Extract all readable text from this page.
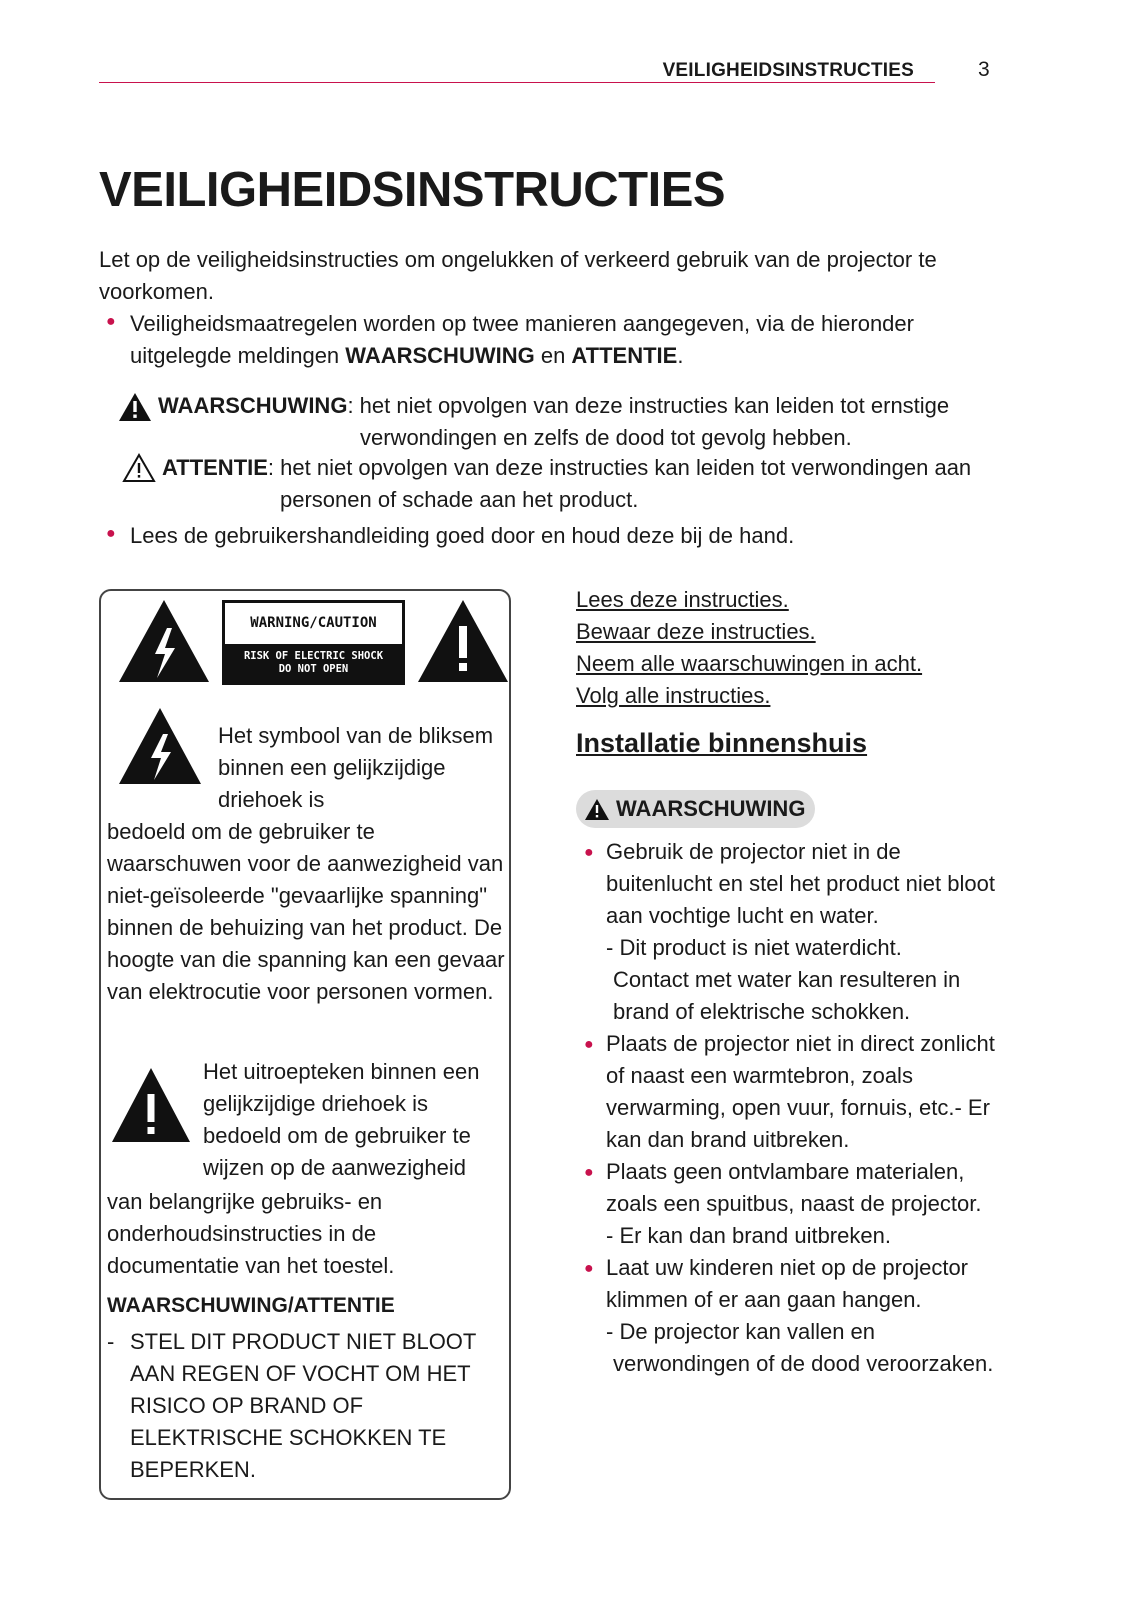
VEILIGHEIDSINSTRUCTIES	3
VEILIGHEIDSINSTRUCTIES
Let op de veiligheidsinstructies om ongelukken of verkeerd gebruik van de projector te voorkomen.
● Veiligheidsmaatregelen worden op twee manieren aangegeven, via de hieronder uitgelegde meldingen WAARSCHUWING en ATTENTIE.
WAARSCHUWING: het niet opvolgen van deze instructies kan leiden tot ernstige
verwondingen en zelfs de dood tot gevolg hebben.
ATTENTIE: het niet opvolgen van deze instructies kan leiden tot verwondingen aan
personen of schade aan het product.
● Lees de gebruikershandleiding goed door en houd deze bij de hand.
WARNING/CAUTION
RISK OF ELECTRIC SHOCK
DO NOT OPEN
Het symbool van de bliksem binnen een gelijkzijdige driehoek is
bedoeld om de gebruiker te waarschuwen voor de aanwezigheid van niet-geïsoleerde "gevaarlijke spanning" binnen de behuizing van het product. De hoogte van die spanning kan een gevaar van elektrocutie voor personen vormen.
Het uitroepteken binnen een gelijkzijdige driehoek is bedoeld om de gebruiker te wijzen op de aanwezigheid
van belangrijke gebruiks- en onderhoudsinstructies in de documentatie van het toestel.
WAARSCHUWING/ATTENTIE
- STEL DIT PRODUCT NIET BLOOT AAN REGEN OF VOCHT OM HET RISICO OP BRAND OF ELEKTRISCHE SCHOKKEN TE BEPERKEN.
Lees deze instructies.
Bewaar deze instructies.
Neem alle waarschuwingen in acht.
Volg alle instructies.
Installatie binnenshuis
WAARSCHUWING
● Gebruik de projector niet in de buitenlucht en stel het product niet bloot aan vochtige lucht en water.
- Dit product is niet waterdicht.
Contact met water kan resulteren in brand of elektrische schokken.
● Plaats de projector niet in direct zonlicht of naast een warmtebron, zoals verwarming, open vuur, fornuis, etc.- Er kan dan brand uitbreken.
● Plaats geen ontvlambare materialen, zoals een spuitbus, naast de projector.
- Er kan dan brand uitbreken.
● Laat uw kinderen niet op de projector klimmen of er aan gaan hangen.
- De projector kan vallen en
verwondingen of de dood veroorzaken.
